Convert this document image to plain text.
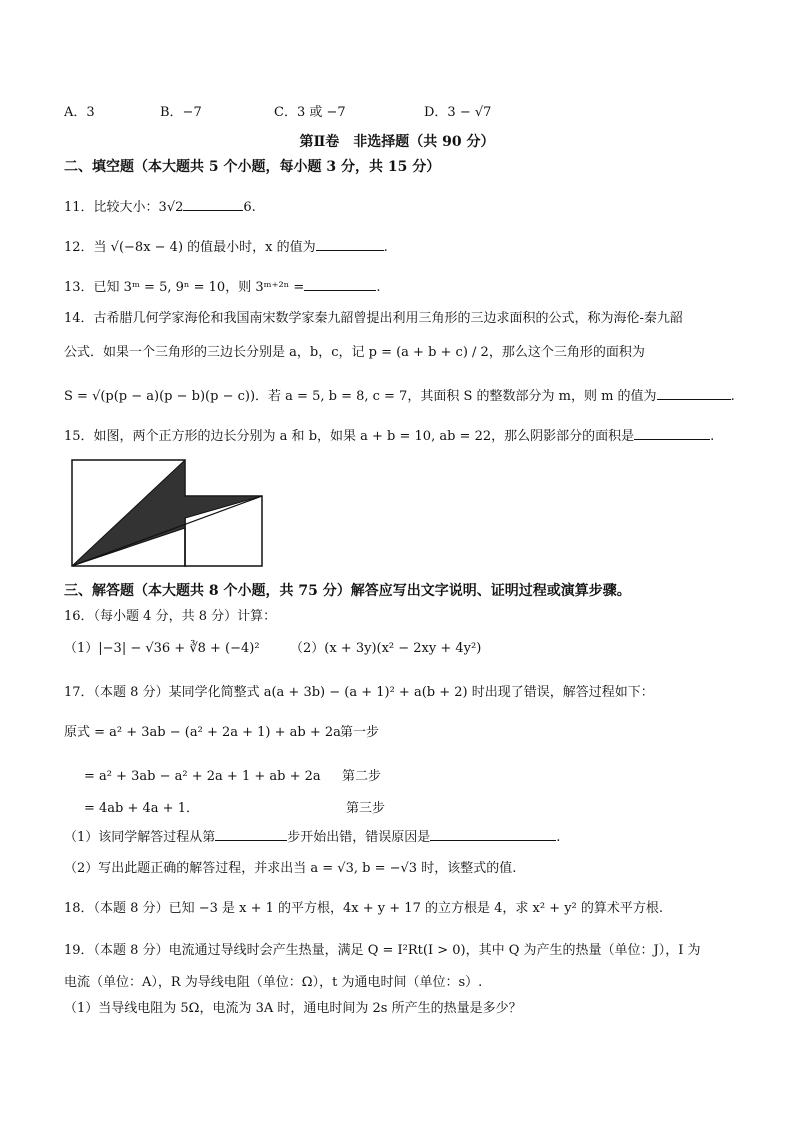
A．3	B．−7	C．3 或 −7	D．3 − √7
第Ⅱ卷　非选择题（共 90 分）
二、填空题（本大题共 5 个小题，每小题 3 分，共 15 分）
11．比较大小：3√2	6.
12．当 √(−8x − 4) 的值最小时，x 的值为	.
13．已知 3ᵐ = 5, 9ⁿ = 10，则 3ᵐ⁺²ⁿ =	.
14．古希腊几何学家海伦和我国南宋数学家秦九韶曾提出利用三角形的三边求面积的公式，称为海伦-秦九韶
公式．如果一个三角形的三边长分别是 a，b，c，记 p = (a + b + c) / 2，那么这个三角形的面积为
S = √(p(p − a)(p − b)(p − c))．若 a = 5, b = 8, c = 7，其面积 S 的整数部分为 m，则 m 的值为	.
15．如图，两个正方形的边长分别为 a 和 b，如果 a + b = 10, ab = 22，那么阴影部分的面积是	.
三、解答题（本大题共 8 个小题，共 75 分）解答应写出文字说明、证明过程或演算步骤。
16．（每小题 4 分，共 8 分）计算：
（1）|−3| − √36 + ∛8 + (−4)² （2）(x + 3y)(x² − 2xy + 4y²)
17．（本题 8 分）某同学化简整式 a(a + 3b) − (a + 1)² + a(b + 2) 时出现了错误，解答过程如下：
原式 = a² + 3ab − (a² + 2a + 1) + ab + 2a 第一步
= a² + 3ab − a² + 2a + 1 + ab + 2a 第二步
= 4ab + 4a + 1．	第三步
（1）该同学解答过程从第	步开始出错，错误原因是	.
（2）写出此题正确的解答过程，并求出当 a = √3, b = −√3 时，该整式的值.
18．（本题 8 分）已知 −3 是 x + 1 的平方根，4x + y + 17 的立方根是 4，求 x² + y² 的算术平方根.
19．（本题 8 分）电流通过导线时会产生热量，满足 Q = I²Rt(I > 0)，其中 Q 为产生的热量（单位：J），I 为
电流（单位：A），R 为导线电阻（单位：Ω），t 为通电时间（单位：s）.
（1）当导线电阻为 5Ω，电流为 3A 时，通电时间为 2s 所产生的热量是多少？
